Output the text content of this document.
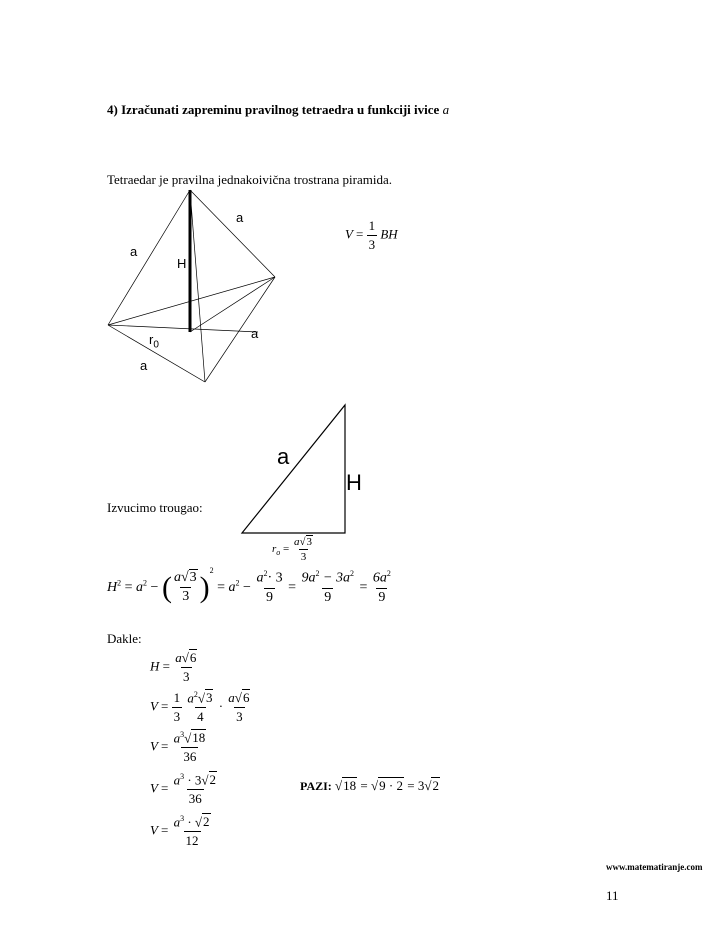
4) Izračunati zapreminu pravilnog tetraedra u funkciji ivice a
Tetraedar je pravilna jednakoivična trostrana piramida.
a
a
H
a
$r_0$
a
$V = \frac{1}{3}$ BH
a
H
Izvucimo trougao:
$r_o = \frac{a√3}{3}$
$H^2 = a^2$ − ( $\frac{a√3}{3} )^2 = a^2 - \frac{a^2\cdot 3}{9} = \frac{9a^2 - 3a^2}{9} = \frac{6a^2}{9}$
Dakle:
$H = \frac{a√6}{3}$
$V = \frac{1}{3}$
$\frac{a^2√3}{4} \cdot \frac{a√6}{3}$
$V = \frac{a^3√18}{36}$
$V = \frac{a^3 \cdot 3√2}{36}$	PAZI: √18 = √9 · 2 = 3√2
$V = \frac{a^3 \cdot √2}{12}$
www.matematiranje.com
11
